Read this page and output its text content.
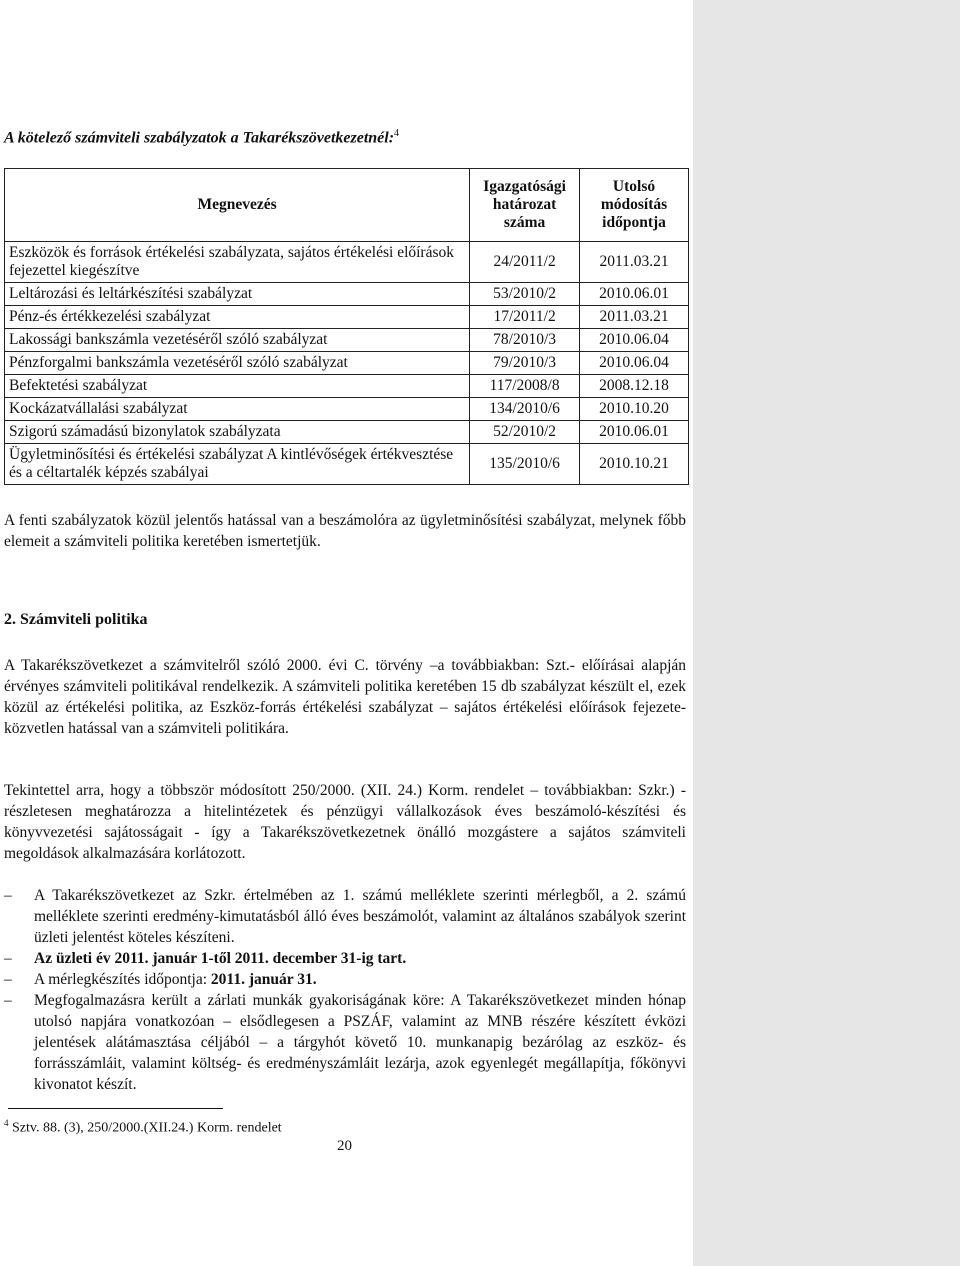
A kötelező számviteli szabályzatok a Takarékszövetkezetnél:$^4$
Megnevezés	Igazgatósági határozat száma	Utolsó módosítás időpontja
Eszközök és források értékelési szabályzata, sajátos értékelési előírások fejezettel kiegészítve	24/2011/2	2011.03.21
Leltározási és leltárkészítési szabályzat	53/2010/2	2010.06.01
Pénz-és értékkezelési szabályzat	17/2011/2	2011.03.21
Lakossági bankszámla vezetéséről szóló szabályzat	78/2010/3	2010.06.04
Pénzforgalmi bankszámla vezetéséről szóló szabályzat	79/2010/3	2010.06.04
Befektetési szabályzat	117/2008/8	2008.12.18
Kockázatvállalási szabályzat	134/2010/6	2010.10.20
Szigorú számadású bizonylatok szabályzata	52/2010/2	2010.06.01
Ügyletminősítési és értékelési szabályzat A kintlévőségek értékvesztése és a céltartalék képzés szabályai	135/2010/6	2010.10.21
A fenti szabályzatok közül jelentős hatással van a beszámolóra az ügyletminősítési szabályzat, melynek főbb elemeit a számviteli politika keretében ismertetjük.
2. Számviteli politika
A Takarékszövetkezet a számvitelről szóló 2000. évi C. törvény –a továbbiakban: Szt.- előírásai alapján érvényes számviteli politikával rendelkezik. A számviteli politika keretében 15 db szabályzat készült el, ezek közül az értékelési politika, az Eszköz-forrás értékelési szabályzat – sajátos értékelési előírások fejezete- közvetlen hatással van a számviteli politikára.
Tekintettel arra, hogy a többször módosított 250/2000. (XII. 24.) Korm. rendelet – továbbiakban: Szkr.) - részletesen meghatározza a hitelintézetek és pénzügyi vállalkozások éves beszámoló-készítési és könyvvezetési sajátosságait - így a Takarékszövetkezetnek önálló mozgástere a sajátos számviteli megoldások alkalmazására korlátozott.
–	A Takarékszövetkezet az Szkr. értelmében az 1. számú melléklete szerinti mérlegből, a 2. számú melléklete szerinti eredmény-kimutatásból álló éves beszámolót, valamint az általános szabályok szerint üzleti jelentést köteles készíteni.
–	Az üzleti év 2011. január 1-től 2011. december 31-ig tart.
–	A mérlegkészítés időpontja: 2011. január 31.
–	Megfogalmazásra került a zárlati munkák gyakoriságának köre: A Takarékszövetkezet minden hónap utolsó napjára vonatkozóan – elsődlegesen a PSZÁF, valamint az MNB részére készített évközi jelentések alátámasztása céljából – a tárgyhót követő 10. munkanapig bezárólag az eszköz- és forrásszámláit, valamint költség- és eredményszámláit lezárja, azok egyenlegét megállapítja, főkönyvi kivonatot készít.
$^4$ Sztv. 88. (3), 250/2000.(XII.24.) Korm. rendelet
20
